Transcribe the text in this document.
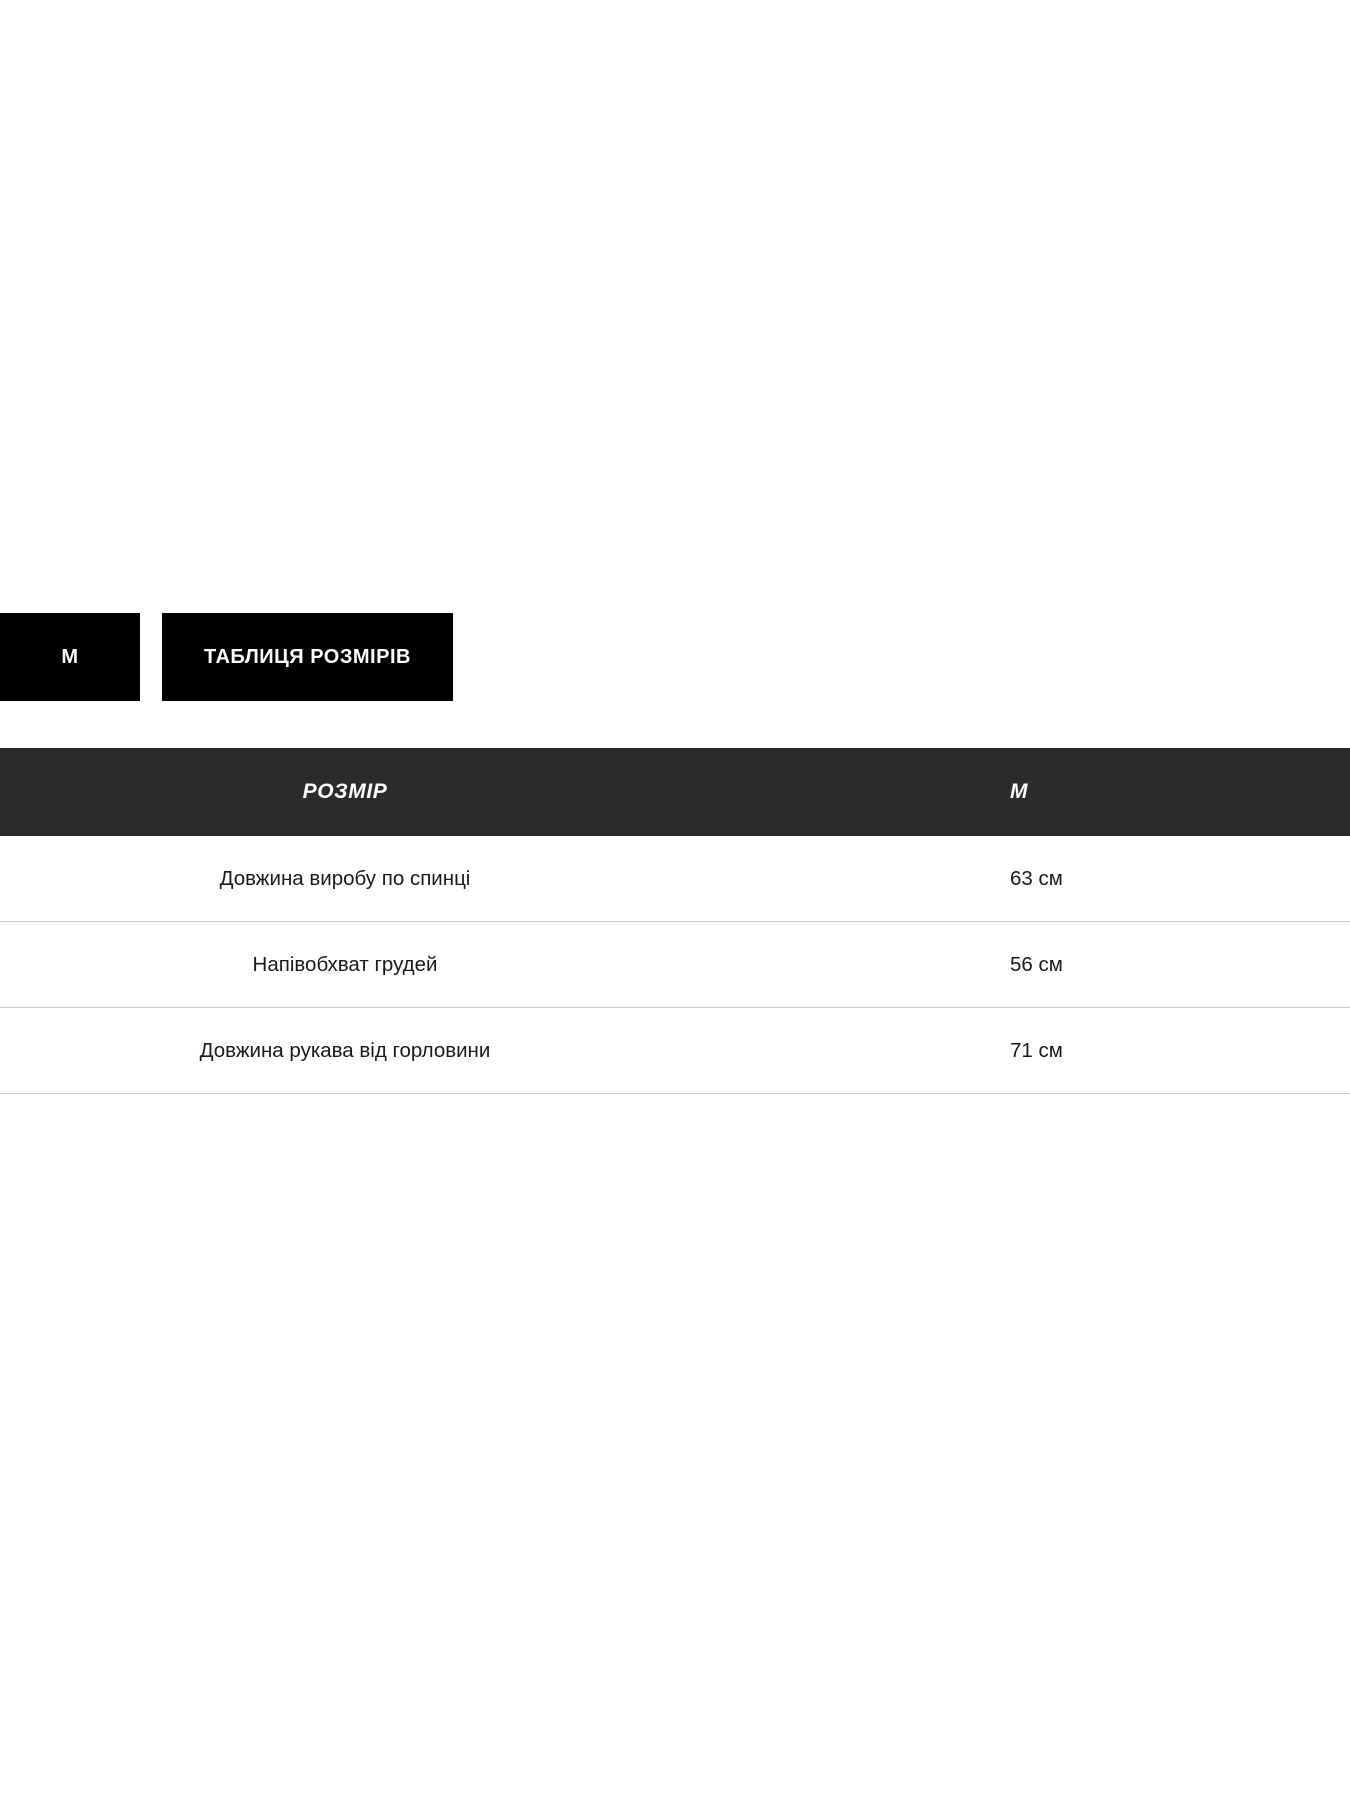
M	ТАБЛИЦЯ РОЗМІРІВ
РОЗМІР	M
Довжина виробу по спинці	63 см
Напівобхват грудей	56 см
Довжина рукава від горловини	71 см
